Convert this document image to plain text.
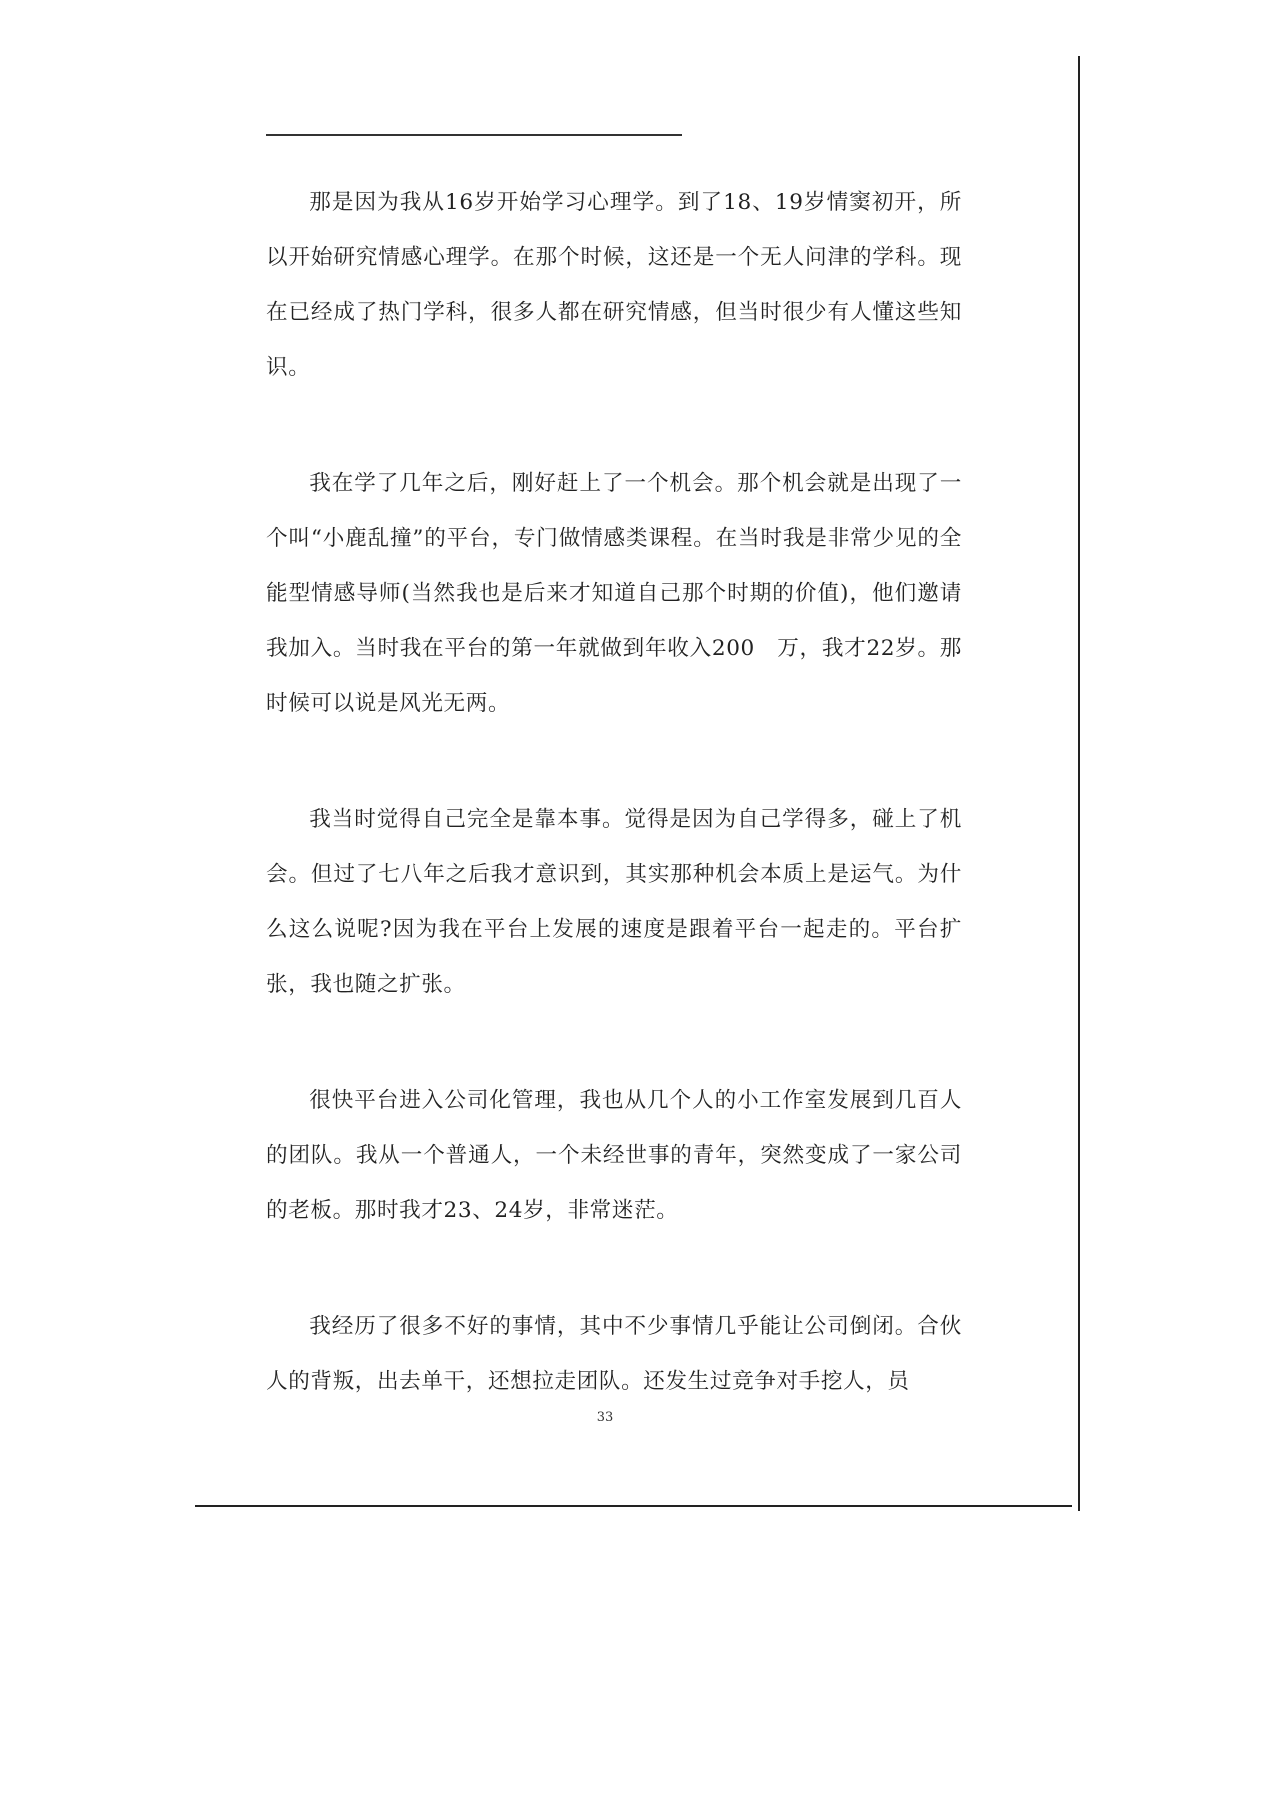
那是因为我从16岁开始学习心理学。到了18、19岁情窦初开，所以开始研究情感心理学。在那个时候，这还是一个无人问津的学科。现在已经成了热门学科，很多人都在研究情感，但当时很少有人懂这些知识。

我在学了几年之后，刚好赶上了一个机会。那个机会就是出现了一个叫“小鹿乱撞”的平台，专门做情感类课程。在当时我是非常少见的全能型情感导师(当然我也是后来才知道自己那个时期的价值)，他们邀请我加入。当时我在平台的第一年就做到年收入200　万，我才22岁。那时候可以说是风光无两。

我当时觉得自己完全是靠本事。觉得是因为自己学得多，碰上了机会。但过了七八年之后我才意识到，其实那种机会本质上是运气。为什么这么说呢?因为我在平台上发展的速度是跟着平台一起走的。平台扩张，我也随之扩张。

很快平台进入公司化管理，我也从几个人的小工作室发展到几百人的团队。我从一个普通人，一个未经世事的青年，突然变成了一家公司的老板。那时我才23、24岁，非常迷茫。

我经历了很多不好的事情，其中不少事情几乎能让公司倒闭。合伙人的背叛，出去单干，还想拉走团队。还发生过竞争对手挖人，员

33
